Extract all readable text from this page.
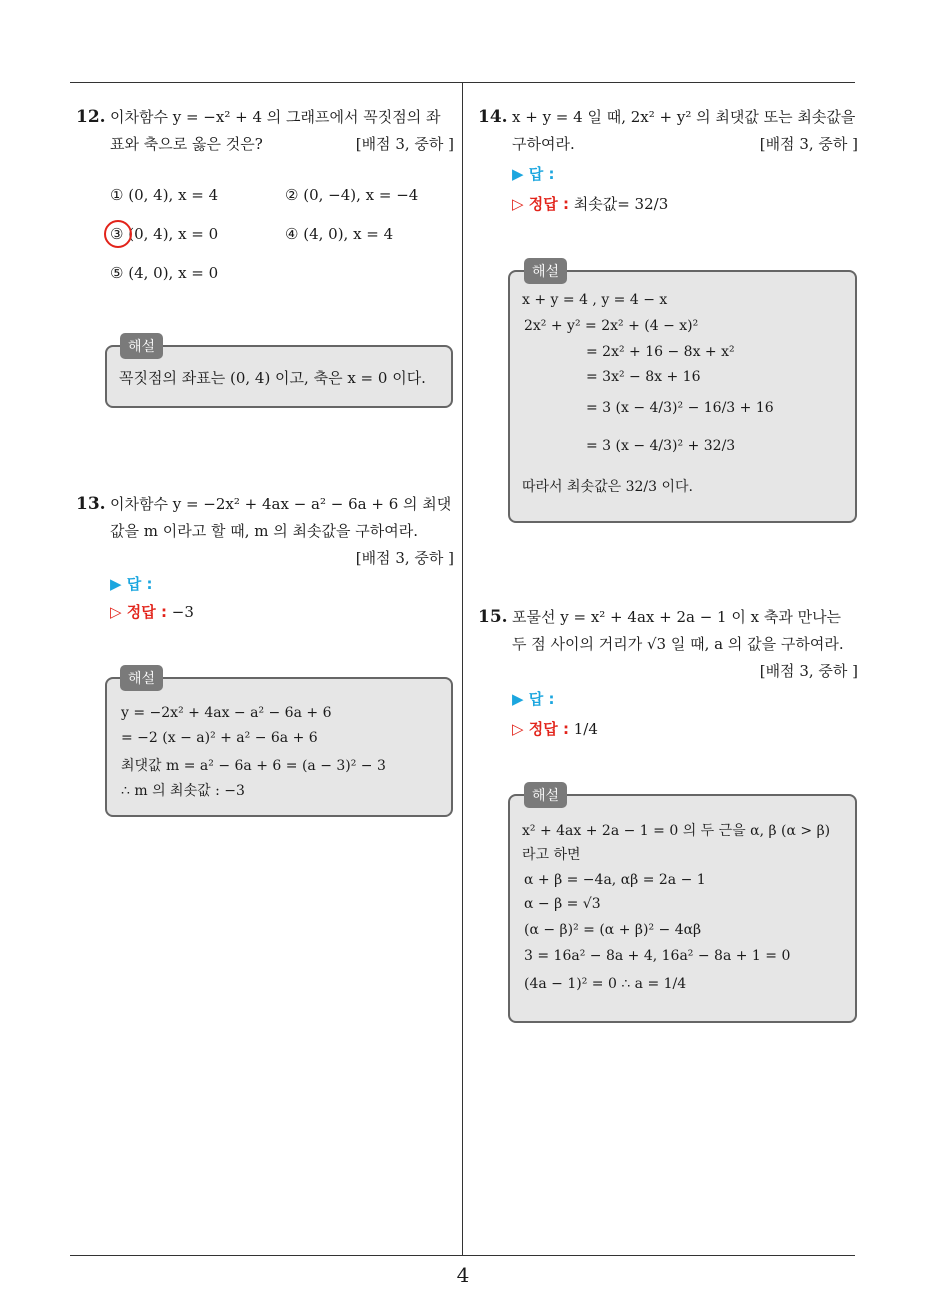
4
12. 이차함수 y = −x² + 4 의 그래프에서 꼭짓점의 좌표와 축으로 옳은 것은?	[배점 3, 중하 ]
① (0, 4), x = 4	② (0, −4), x = −4
③ (0, 4), x = 0	④ (4, 0), x = 4
⑤ (4, 0), x = 0
꼭짓점의 좌표는 (0, 4) 이고, 축은 x = 0 이다.
해설
13. 이차함수 y = −2x² + 4ax − a² − 6a + 6 의 최댓값을 m 이라고 할 때, m 의 최솟값을 구하여라.
[배점 3, 중하 ]
▶ 답 :
▷ 정답 : −3
y = −2x² + 4ax − a² − 6a + 6
= −2 (x − a)² + a² − 6a + 6
최댓값 m = a² − 6a + 6 = (a − 3)² − 3
∴ m 의 최솟값 : −3
해설
14. x + y = 4 일 때, 2x² + y² 의 최댓값 또는 최솟값을 구하여라.	[배점 3, 중하 ]
▶ 답 :
▷ 정답 : 최솟값= 32/3
x + y = 4 , y = 4 − x
2x² + y² = 2x² + (4 − x)²
= 2x² + 16 − 8x + x²
= 3x² − 8x + 16
= 3 (x − 4/3)² − 16/3 + 16
= 3 (x − 4/3)² + 32/3
따라서 최솟값은 32/3 이다.
해설
15. 포물선 y = x² + 4ax + 2a − 1 이 x 축과 만나는 두 점 사이의 거리가 √3 일 때, a 의 값을 구하여라.
[배점 3, 중하 ]
▶ 답 :
▷ 정답 : 1/4
x² + 4ax + 2a − 1 = 0 의 두 근을 α, β (α > β)
라고 하면
α + β = −4a, αβ = 2a − 1
α − β = √3
(α − β)² = (α + β)² − 4αβ
3 = 16a² − 8a + 4, 16a² − 8a + 1 = 0
(4a − 1)² = 0 ∴ a = 1/4
해설
